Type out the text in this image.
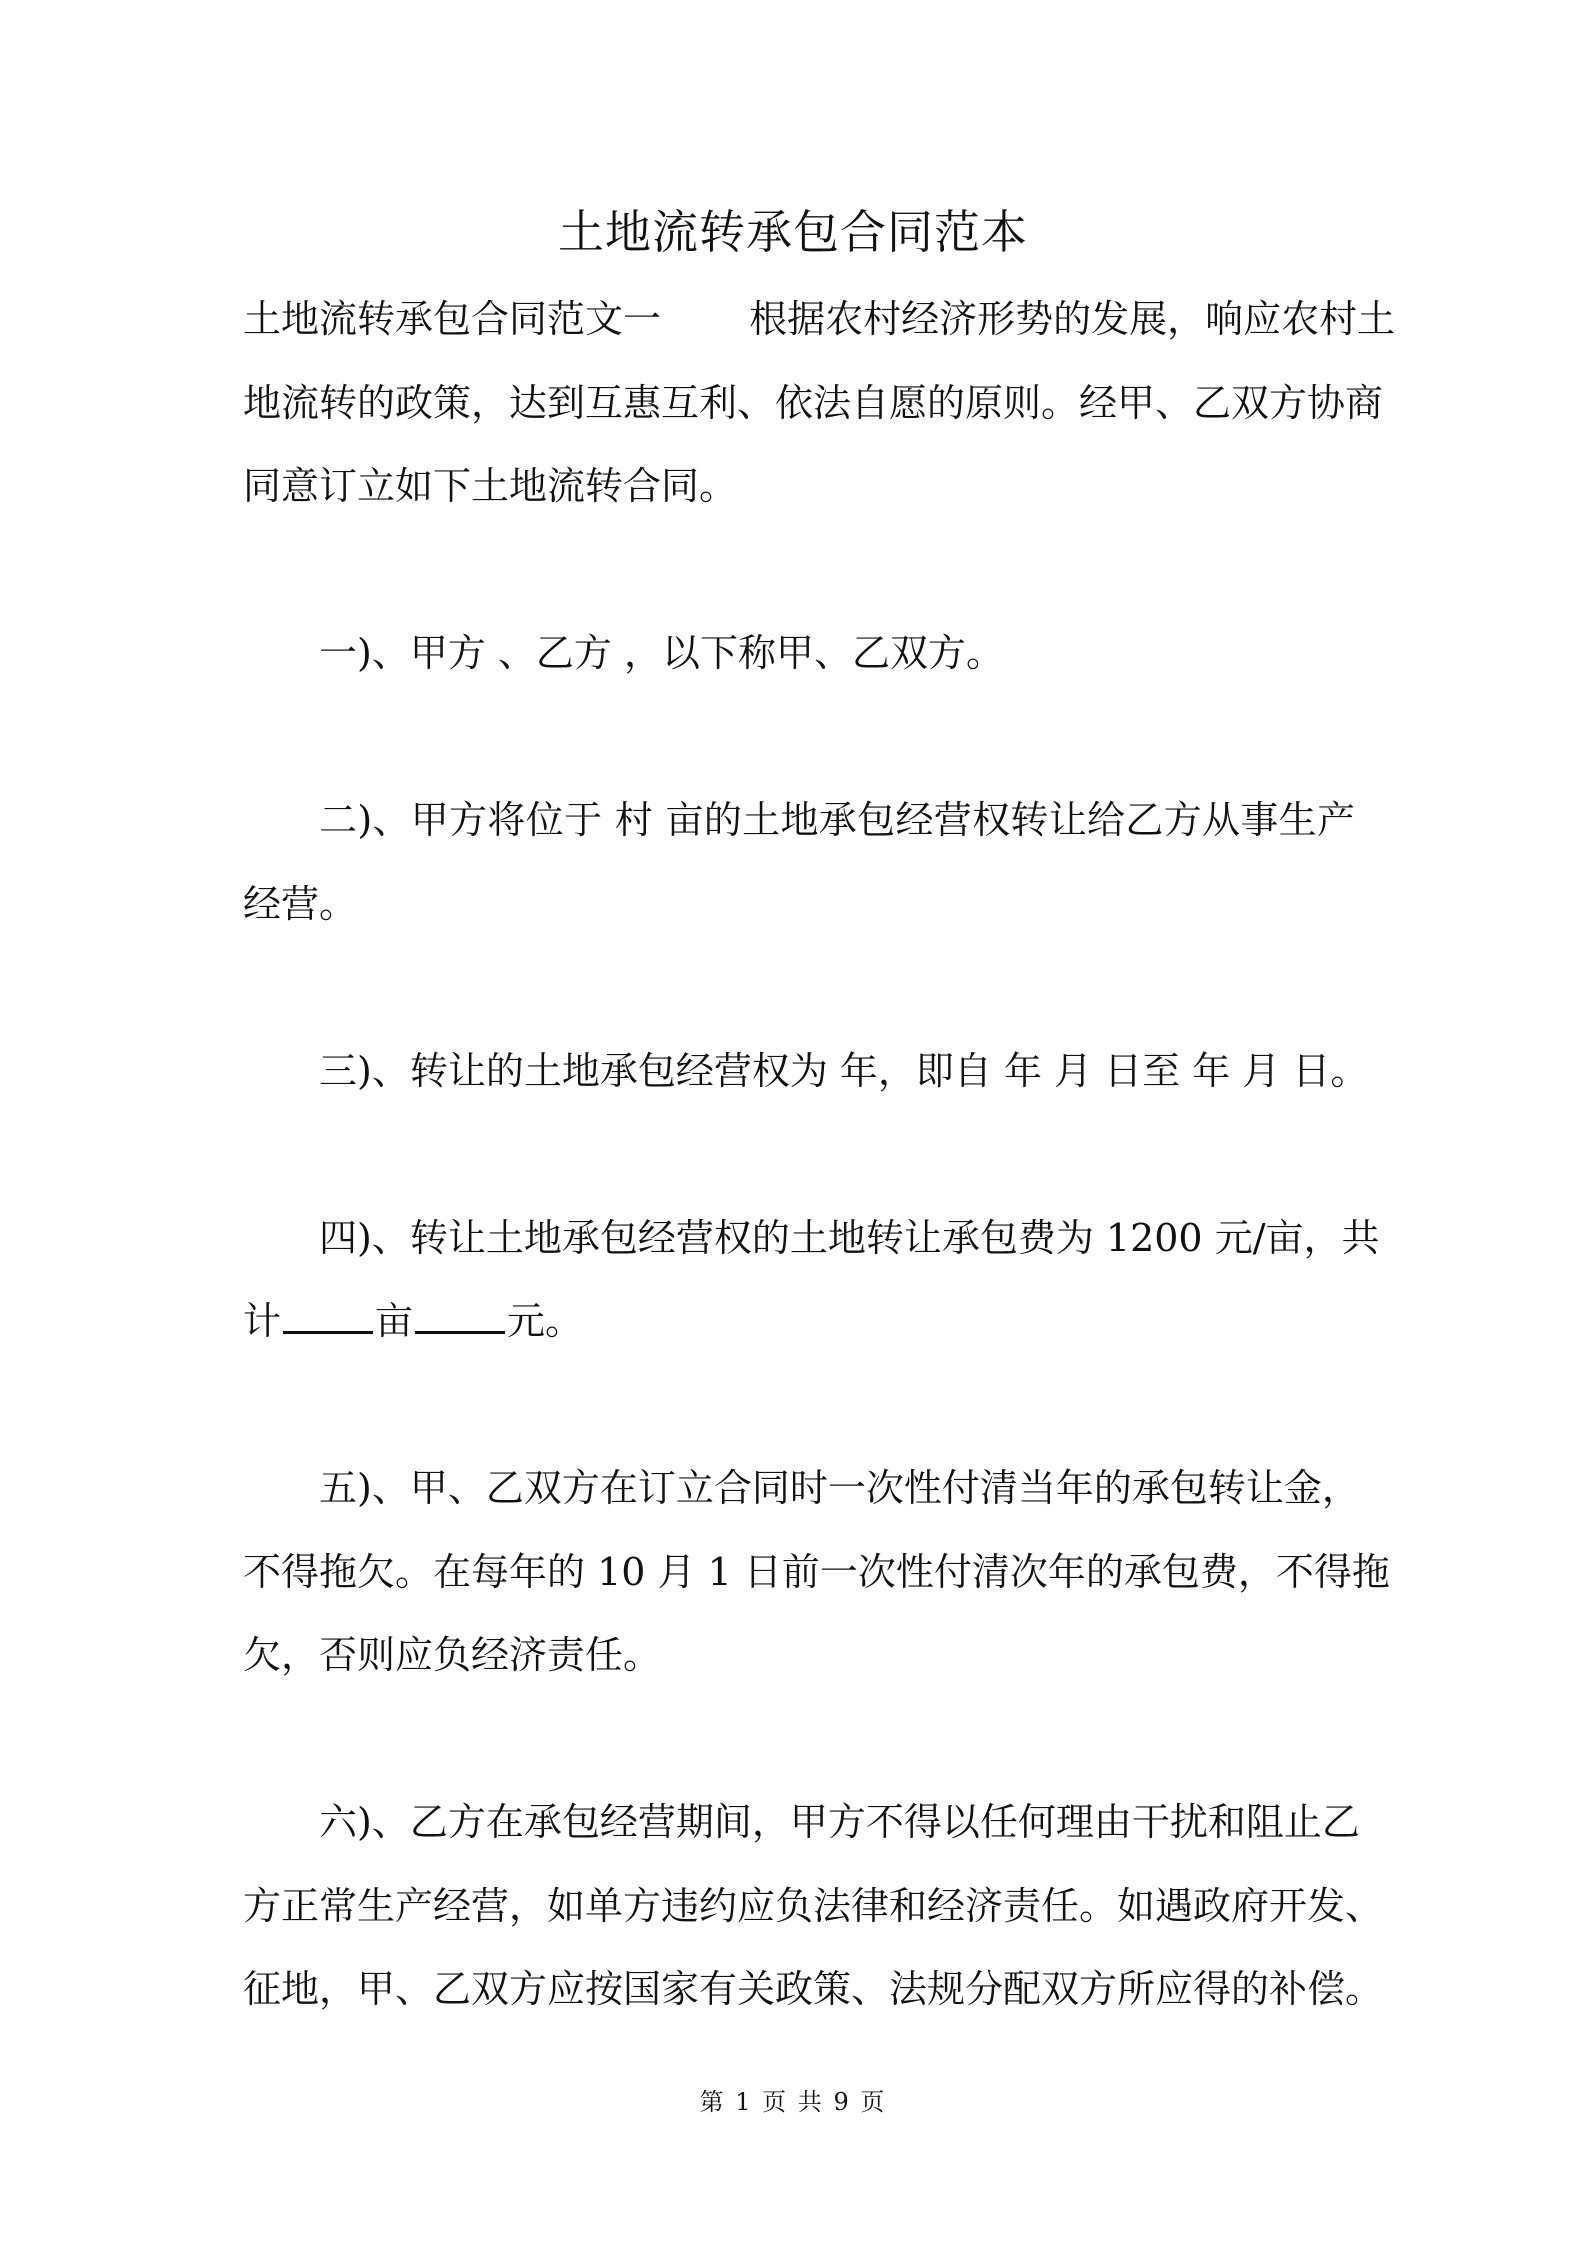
土地流转承包合同范本
土地流转承包合同范文一　　 根据农村经济形势的发展，响应农村土
地流转的政策，达到互惠互利、依法自愿的原则。经甲、乙双方协商
同意订立如下土地流转合同。
一)、甲方 、乙方 ，以下称甲、乙双方。
二)、甲方将位于 村 亩的土地承包经营权转让给乙方从事生产
经营。
三)、转让的土地承包经营权为 年，即自 年 月 日至 年 月 日。
四)、转让土地承包经营权的土地转让承包费为 1200 元/亩，共
计 亩 元。
五)、甲、乙双方在订立合同时一次性付清当年的承包转让金，
不得拖欠。在每年的 10 月 1 日前一次性付清次年的承包费，不得拖
欠，否则应负经济责任。
六)、乙方在承包经营期间，甲方不得以任何理由干扰和阻止乙
方正常生产经营，如单方违约应负法律和经济责任。如遇政府开发、
征地，甲、乙双方应按国家有关政策、法规分配双方所应得的补偿。
第 1 页 共 9 页
